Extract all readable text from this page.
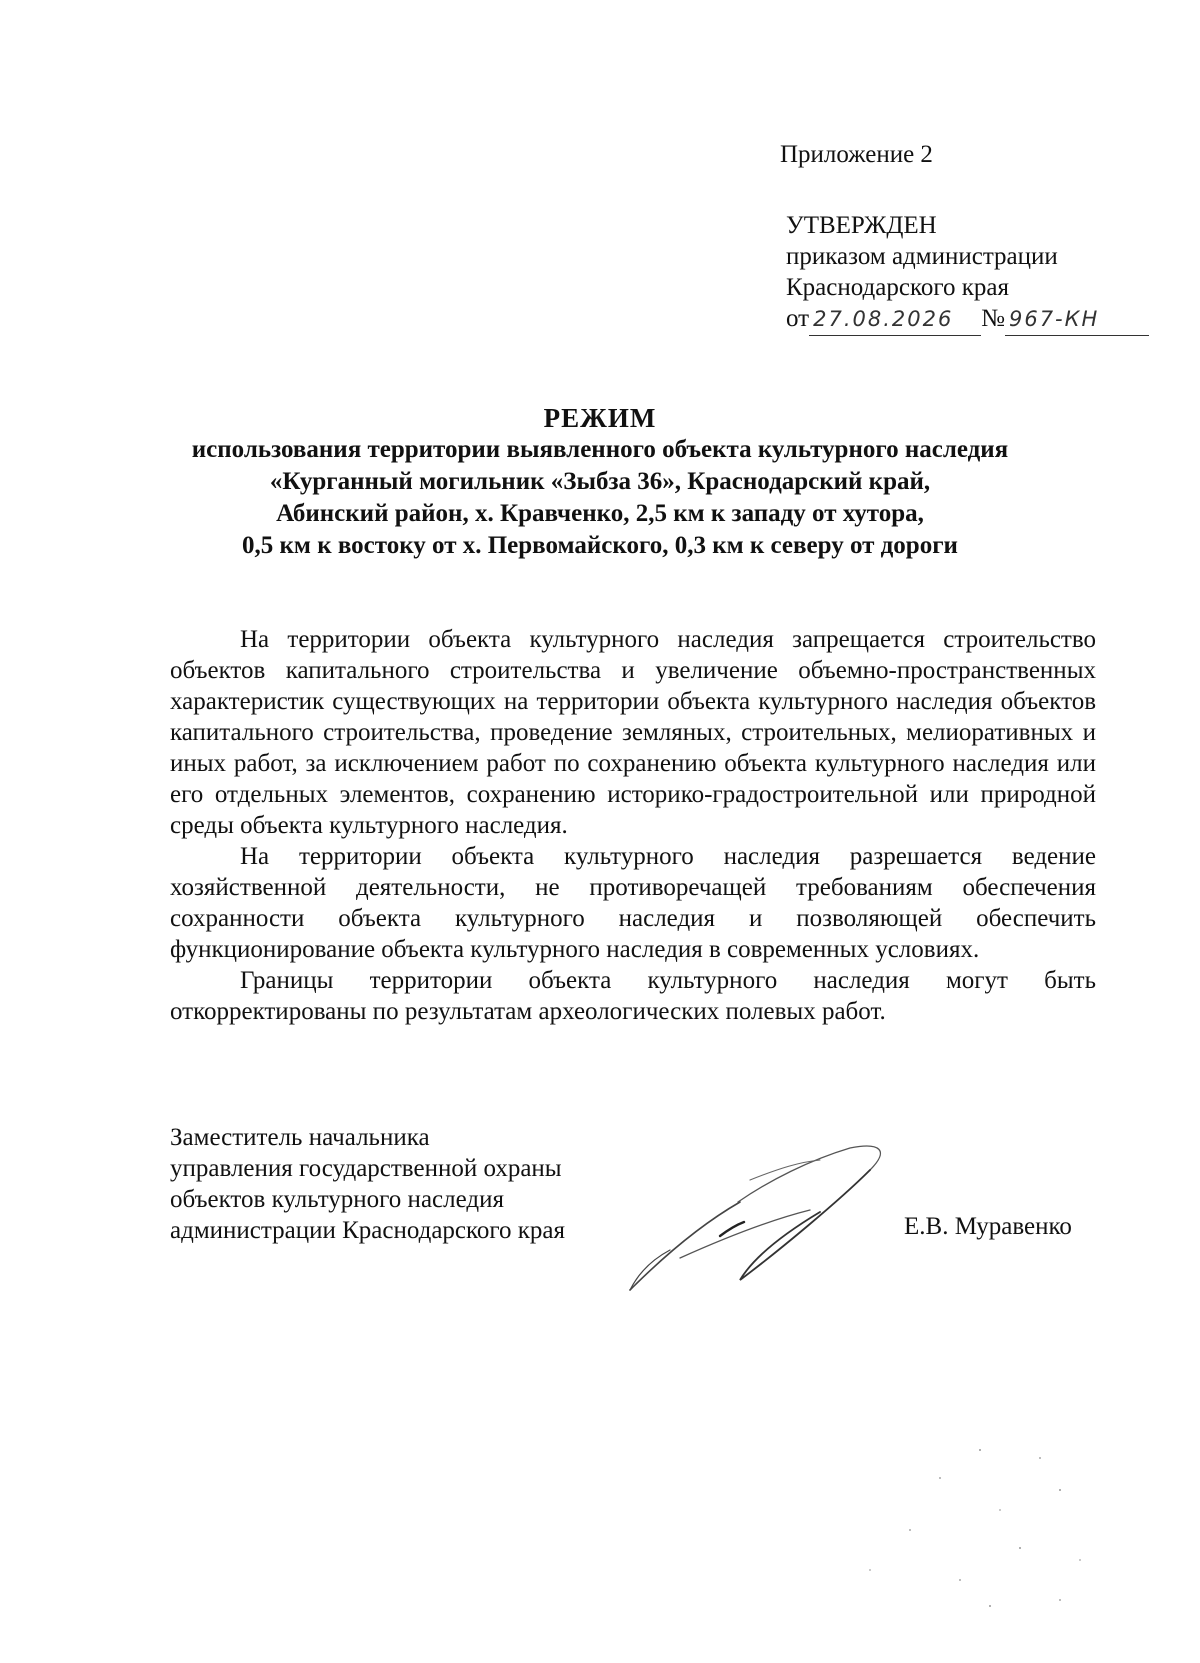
Приложение 2
УТВЕРЖДЕН
приказом администрации
Краснодарского края
от 27.08.2026	№ 967-КН
РЕЖИМ
использования территории выявленного объекта культурного наследия
«Курганный могильник «Зыбза 36», Краснодарский край,
Абинский район, х. Кравченко, 2,5 км к западу от хутора,
0,5 км к востоку от х. Первомайского, 0,3 км к северу от дороги

На территории объекта культурного наследия запрещается строительство объектов капитального строительства и увеличение объемно-пространственных характеристик существующих на территории объекта культурного наследия объектов капитального строительства, проведение земляных, строительных, мелиоративных и иных работ, за исключением работ по сохранению объекта культурного наследия или его отдельных элементов, сохранению историко-градостроительной или природной среды объекта культурного наследия.

На территории объекта культурного наследия разрешается ведение хозяйственной деятельности, не противоречащей требованиям обеспечения сохранности объекта культурного наследия и позволяющей обеспечить функционирование объекта культурного наследия в современных условиях.

Границы территории объекта культурного наследия могут быть откорректированы по результатам археологических полевых работ.

Заместитель начальника
управления государственной охраны
объектов культурного наследия
администрации Краснодарского края	Е.В. Муравенко
